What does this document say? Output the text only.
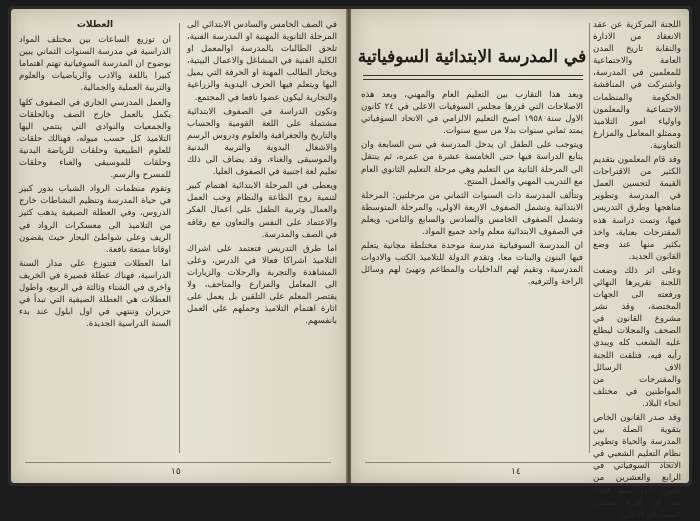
في الصف الخامس والسادس الابتدائي الى المرحلة الثانوية المهنية او المدرسة الفنية، تلحق الطالبات بالمدرسة اوالمعمل او الكلية الفنية في المشاغل والاعمال البيتية، ويختار الطالب المهنة او الحرفة التي يميل اليها ويتعلم فيها الحرف اليدوية والزراعية والتجارية ليكون عضوا نافعا في المجتمع.

وتكون الدراسة في الصفوف الابتدائية مشتملة على اللغة القومية والحساب والتاريخ والجغرافية والعلوم ودروس الرسم والاشغال اليدوية والتربية البدنية والموسيقى والغناء، وقد يضاف الى ذلك تعليم لغة اجنبية في الصفوف العليا.

ويعطى في المرحلة الابتدائية اهتمام كبير لتنمية روح الطاعة والنظام وحب العمل والعمال وتربية الطفل على اعمال الفكر والاعتماد على النفس والتعاون مع رفاقه في الصف والمدرسة.

اما طرق التدريس فتعتمد على اشراك التلاميذ اشراكا فعالا في الدرس، وعلى المشاهدة والتجربة والرحلات والزيارات الى المعامل والمزارع والمتاحف، ولا يقتصر المعلم على التلقين بل يعمل على اثارة اهتمام التلاميذ وحملهم على العمل بانفسهم.

العطلات

ان توزيع الساعات بين مختلف المواد الدراسية في مدرسة السنوات الثماني يبين بوضوح ان المدرسة السوفياتية تهتم اهتماما كبيرا باللغة والادب والرياضيات والعلوم والتربية العملية والجمالية.

والعمل المدرسي الجاري في الصفوف كلها يكمل بالعمل خارج الصف وبالحلقات والجمعيات والنوادي التي ينتمي اليها التلاميذ كل حسب ميوله، فهنالك حلقات للعلوم الطبيعية وحلقات للرياضة البدنية وحلقات للموسيقى والغناء وحلقات للمسرح والرسم.

وتقوم منظمات الرواد الشباب بدور كبير في حياة المدرسة وتنظيم النشاطات خارج الدروس، وفي العطلة الصيفية يذهب كثير من التلاميذ الى معسكرات الرواد في الريف وعلى شواطئ البحار حيث يقضون اوقاتا ممتعة نافعة.

اما العطلات فتتوزع على مدار السنة الدراسية، فهناك عطلة قصيرة في الخريف واخرى في الشتاء وثالثة في الربيع، واطول العطلات هي العطلة الصيفية التي تبدأ في حزيران وتنتهي في اول ايلول عند بدء السنة الدراسية الجديدة.

١٥
في المدرسة الابتدائية السوفياتية

اللجنة المركزية عن عقد الانعقاد من الادارة والنقابة تاريخ المدن العامة والاجتماعية للمعلمين في المدرسة، واشتركت في المناقشة الحكومة والمنظمات الاجتماعية والمعلمون واولياء امور التلاميذ وممثلو المعامل والمزارع التعاونية.

وقد قام المعلمون بتقديم الكثير من الاقتراحات القيمة لتحسين العمل في المدرسة وتطوير مناهجها وطرق التدريس فيها، وتمت دراسة هذه المقترحات بعناية، واخذ بكثير منها عند وضع القانون الجديد.

وعلى اثر ذلك وضعت اللجنة تقريرها النهائي ورفعته الى الجهات المختصة، وقد نشر مشروع القانون في الصحف والمجلات ليطلع عليه الشعب كله ويبدي رأيه فيه، فتلقت اللجنة الاف الرسائل والمقترحات من المواطنين في مختلف انحاء البلاد.

وقد صدر القانون الخاص بتقوية الصلة بين المدرسة والحياة وتطوير نظام التعليم الشعبي في الاتحاد السوفياتي في الرابع والعشرين من كانون الاول سنة ١٩٥٨ بعد ان اقره مجلس السوفيات الاعلى.

وبعد هذا التقارب بين التعليم العام والمهني، وبعد هذه الاصلاحات التي قررها مجلس السوفيات الاعلى في ٢٤ كانون الاول سنة ١٩٥٨ اصبح التعليم الالزامي في الاتحاد السوفياتي يمتد ثماني سنوات بدلا من سبع سنوات.

ويتوجب على الطفل ان يدخل المدرسة في سن السابعة وان يتابع الدراسة فيها حتى الخامسة عشرة من عمره، ثم ينتقل الى المرحلة الثانية من التعليم وهي مرحلة التعليم الثانوي العام مع التدريب المهني والعمل المنتج.

وتتألف المدرسة ذات السنوات الثماني من مرحلتين: المرحلة الابتدائية وتشمل الصفوف الاربعة الاولى، والمرحلة المتوسطة وتشمل الصفوف الخامس والسادس والسابع والثامن، ويعلم في الصفوف الابتدائية معلم واحد جميع المواد.

ان المدرسة السوفياتية مدرسة موحدة مختلطة مجانية يتعلم فيها البنون والبنات معا، وتقدم الدولة للتلاميذ الكتب والادوات المدرسية، وتقيم لهم الداخليات والمطاعم وتهيئ لهم وسائل الراحة والترفيه.

١٤
